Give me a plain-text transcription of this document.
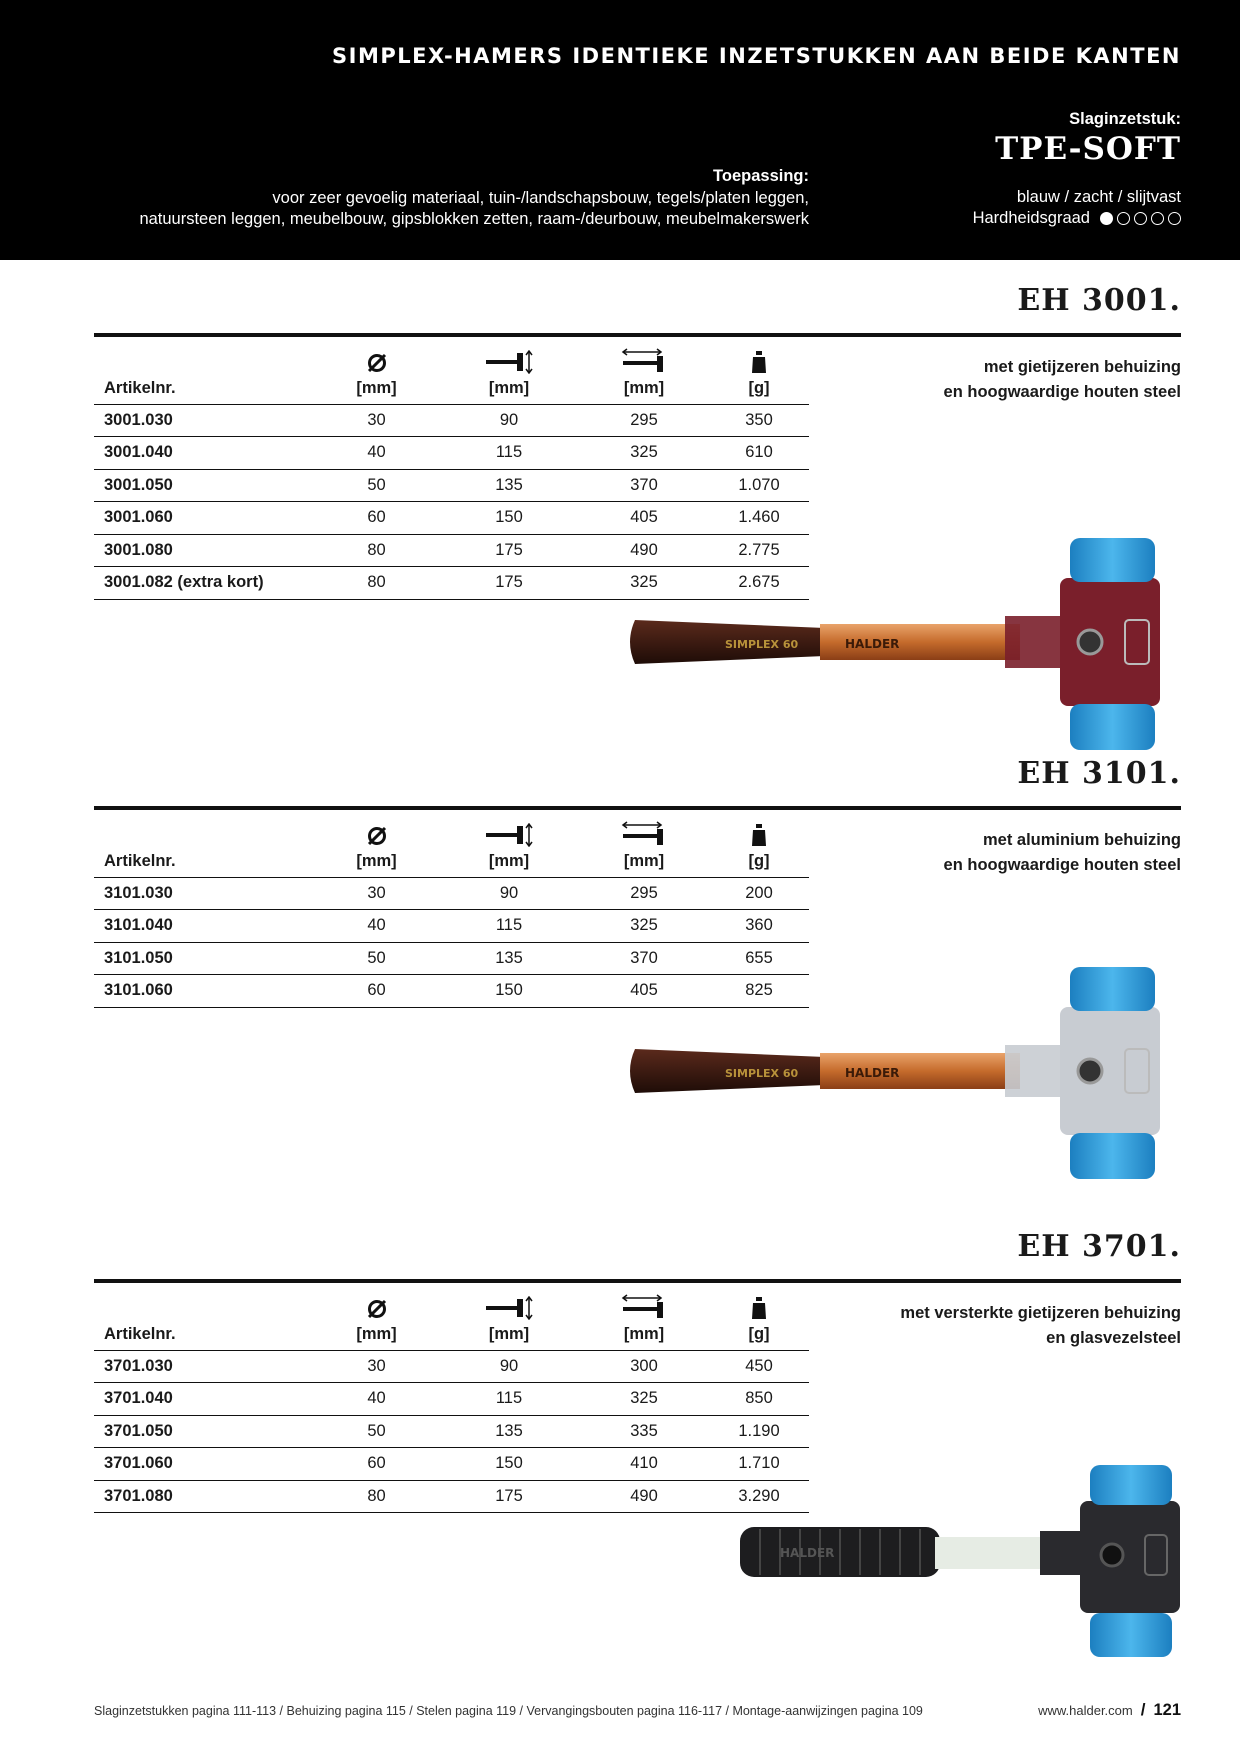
SIMPLEX-HAMERS IDENTIEKE INZETSTUKKEN AAN BEIDE KANTEN
Toepassing:
voor zeer gevoelig materiaal, tuin-/landschapsbouw, tegels/platen leggen,
natuursteen leggen, meubelbouw, gipsblokken zetten, raam-/deurbouw, meubelmakerswerk
Slaginzetstuk:
TPE-SOFT
blauw / zacht / slijtvast
Hardheidsgraad
EH 3001.
met gietijzeren behuizing
en hoogwaardige houten steel
Artikelnr.	[mm]	[mm]	[mm]	[g]

3001.030	30	90	295	350
3001.040	40	115	325	610
3001.050	50	135	370	1.070
3001.060	60	150	405	1.460
3001.080	80	175	490	2.775
3001.082 (extra kort)	80	175	325	2.675
SIMPLEX 60	HALDER
EH 3101.
met aluminium behuizing
en hoogwaardige houten steel
Artikelnr.	[mm]	[mm]	[mm]	[g]

3101.030	30	90	295	200
3101.040	40	115	325	360
3101.050	50	135	370	655
3101.060	60	150	405	825
SIMPLEX 60	HALDER
EH 3701.
met versterkte gietijzeren behuizing
en glasvezelsteel
Artikelnr.	[mm]	[mm]	[mm]	[g]

3701.030	30	90	300	450
3701.040	40	115	325	850
3701.050	50	135	335	1.190
3701.060	60	150	410	1.710
3701.080	80	175	490	3.290
HALDER
Slaginzetstukken pagina 111-113 / Behuizing pagina 115 / Stelen pagina 119 / Vervangingsbouten pagina 116-117 / Montage-aanwijzingen pagina 109	www.halder.com / 121
